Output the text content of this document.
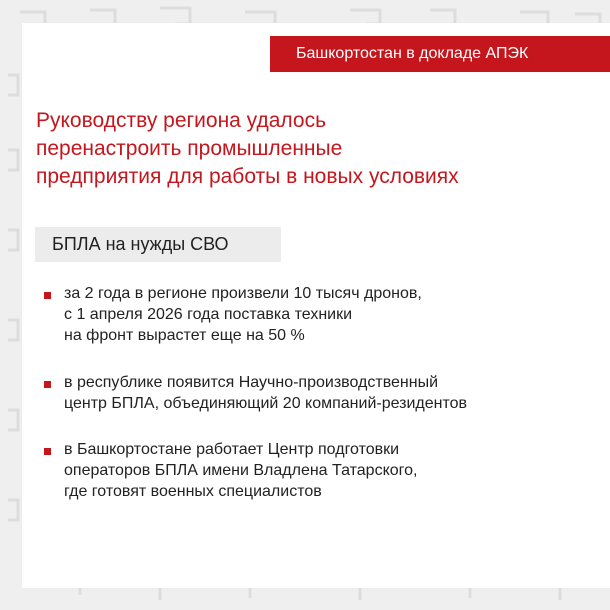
Башкортостан в докладе АПЭК
Руководству региона удалось
перенастроить промышленные
предприятия для работы в новых условиях
БПЛА на нужды СВО
за 2 года в регионе произвели 10 тысяч дронов,
с 1 апреля 2026 года поставка техники
на фронт вырастет еще на 50 %
в республике появится Научно-производственный
центр БПЛА, объединяющий 20 компаний-резидентов
в Башкортостане работает Центр подготовки
операторов БПЛА имени Владлена Татарского,
где готовят военных специалистов
